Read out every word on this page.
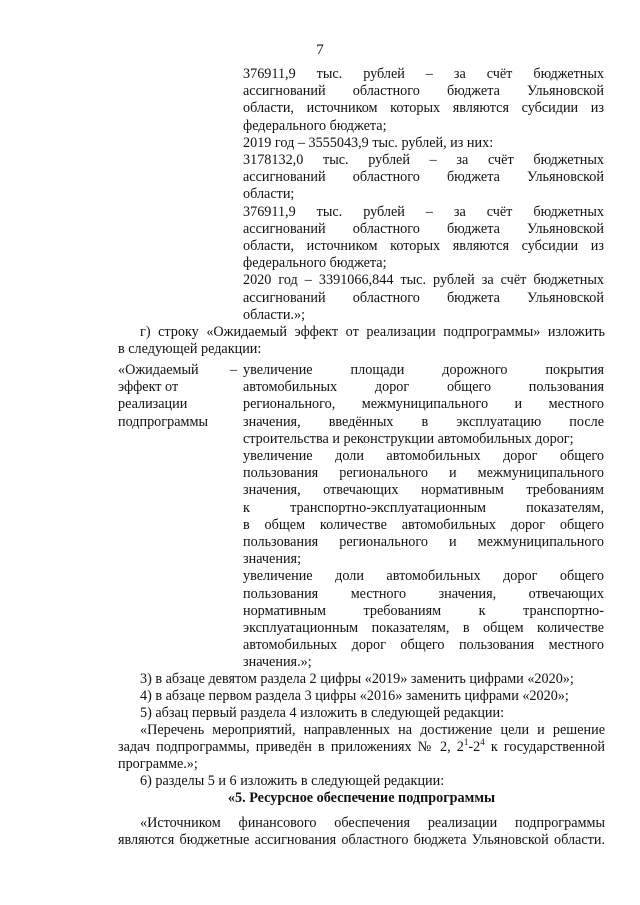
7
376911,9 тыс. рублей – за счёт бюджетных
ассигнований областного бюджета Ульяновской
области, источником которых являются субсидии из
федерального бюджета;
2019 год – 3555043,9 тыс. рублей, из них:
3178132,0 тыс. рублей – за счёт бюджетных
ассигнований областного бюджета Ульяновской
области;
376911,9 тыс. рублей – за счёт бюджетных
ассигнований областного бюджета Ульяновской
области, источником которых являются субсидии из
федерального бюджета;
2020 год – 3391066,844 тыс. рублей за счёт бюджетных
ассигнований областного бюджета Ульяновской
области.»;
г) строку «Ожидаемый эффект от реализации подпрограммы» изложить
в следующей редакции:
«Ожидаемый
эффект от
реализации
подпрограммы
– увеличение площади дорожного покрытия
автомобильных дорог общего пользования
регионального, межмуниципального и местного
значения, введённых в эксплуатацию после
строительства и реконструкции автомобильных дорог;
увеличение доли автомобильных дорог общего
пользования регионального и межмуниципального
значения, отвечающих нормативным требованиям
к транспортно-эксплуатационным показателям,
в общем количестве автомобильных дорог общего
пользования регионального и межмуниципального
значения;
увеличение доли автомобильных дорог общего
пользования местного значения, отвечающих
нормативным требованиям к транспортно-
эксплуатационным показателям, в общем количестве
автомобильных дорог общего пользования местного
значения.»;
3) в абзаце девятом раздела 2 цифры «2019» заменить цифрами «2020»;
4) в абзаце первом раздела 3 цифры «2016» заменить цифрами «2020»;
5) абзац первый раздела 4 изложить в следующей редакции:
«Перечень мероприятий, направленных на достижение цели и решение
задач подпрограммы, приведён в приложениях № 2, $2^1-2^4$ к государственной
программе.»;
6) разделы 5 и 6 изложить в следующей редакции:
«5. Ресурсное обеспечение подпрограммы
«Источником финансового обеспечения реализации подпрограммы
являются бюджетные ассигнования областного бюджета Ульяновской области.
